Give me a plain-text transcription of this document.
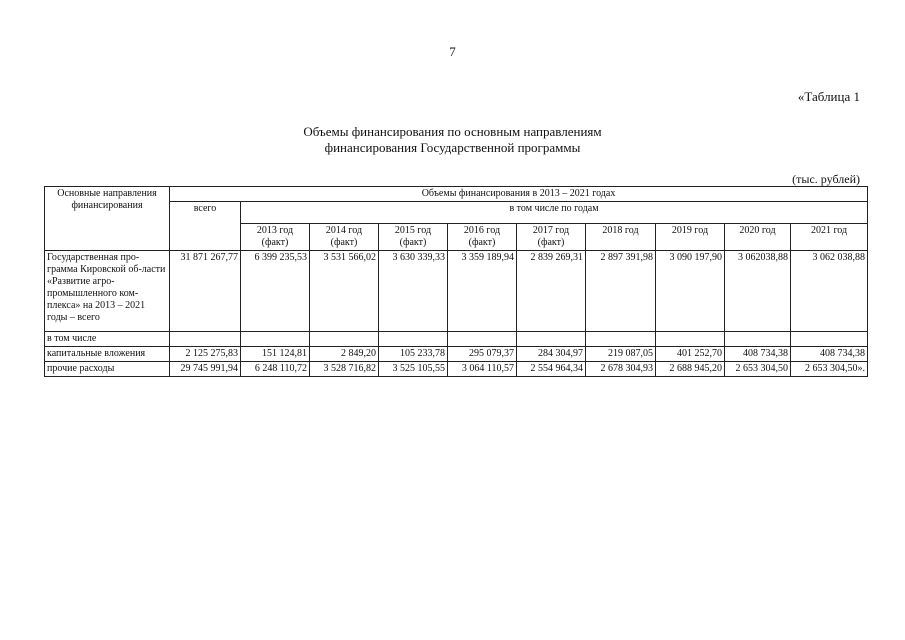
7
«Таблица 1
Объемы финансирования по основным направлениям
финансирования Государственной программы
(тыс. рублей)
Основные направления финансирования	Объемы финансирования в 2013 – 2021 годах									
	всего	в том числе по годам								
		2013 год (факт)	2014 год (факт)	2015 год (факт)	2016 год (факт)	2017 год (факт)	2018 год	2019 год	2020 год	2021 год
Государственная про-грамма Кировской об-ласти «Развитие агро-промышленного ком-плекса» на 2013 – 2021 годы – всего	31 871 267,77	6 399 235,53	3 531 566,02	3 630 339,33	3 359 189,94	2 839 269,31	2 897 391,98	3 090 197,90	3 062038,88	3 062 038,88
в том числе										
капитальные вложения	2 125 275,83	151 124,81	2 849,20	105 233,78	295 079,37	284 304,97	219 087,05	401 252,70	408 734,38	408 734,38
прочие расходы	29 745 991,94	6 248 110,72	3 528 716,82	3 525 105,55	3 064 110,57	2 554 964,34	2 678 304,93	2 688 945,20	2 653 304,50	2 653 304,50».
